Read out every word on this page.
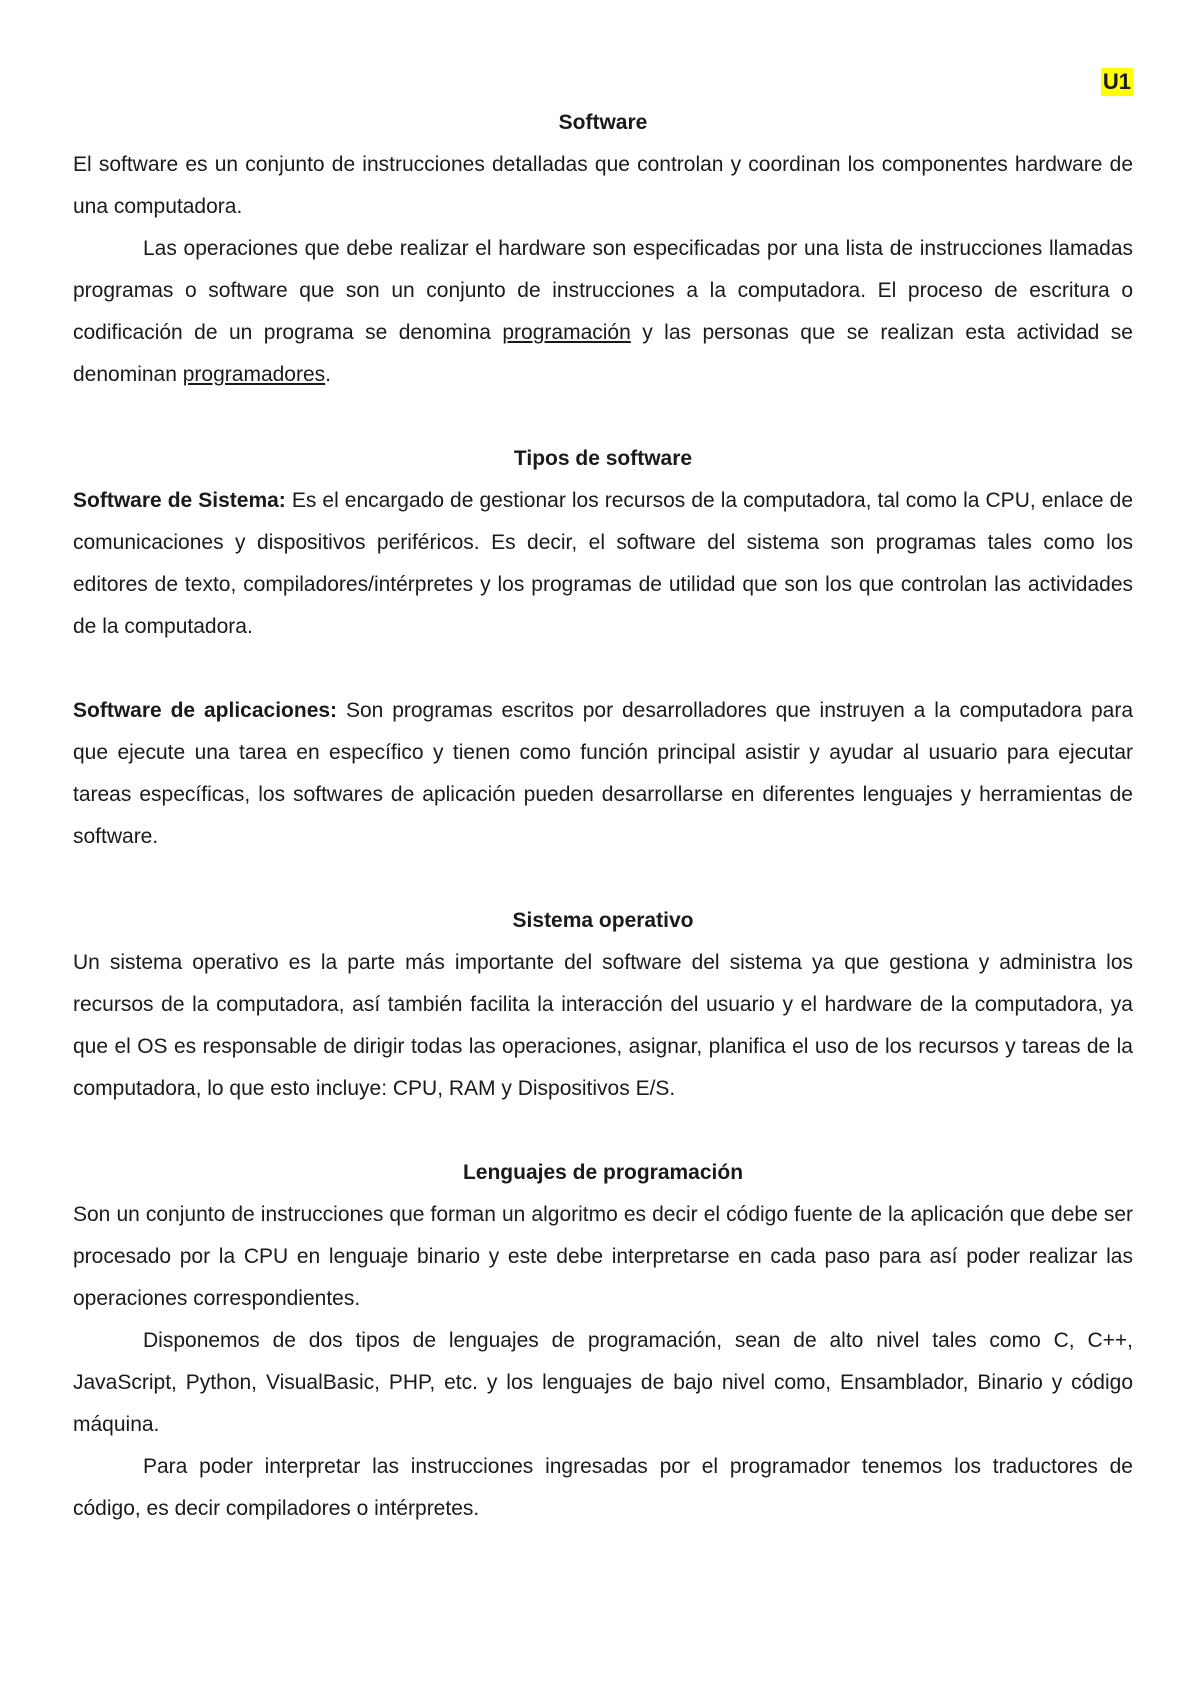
U1
Software

El software es un conjunto de instrucciones detalladas que controlan y coordinan los componentes hardware de una computadora.

Las operaciones que debe realizar el hardware son especificadas por una lista de instrucciones llamadas programas o software que son un conjunto de instrucciones a la computadora. El proceso de escritura o codificación de un programa se denomina programación y las personas que se realizan esta actividad se denominan programadores.

Tipos de software

Software de Sistema: Es el encargado de gestionar los recursos de la computadora, tal como la CPU, enlace de comunicaciones y dispositivos periféricos. Es decir, el software del sistema son programas tales como los editores de texto, compiladores/intérpretes y los programas de utilidad que son los que controlan las actividades de la computadora.

Software de aplicaciones: Son programas escritos por desarrolladores que instruyen a la computadora para que ejecute una tarea en específico y tienen como función principal asistir y ayudar al usuario para ejecutar tareas específicas, los softwares de aplicación pueden desarrollarse en diferentes lenguajes y herramientas de software.

Sistema operativo

Un sistema operativo es la parte más importante del software del sistema ya que gestiona y administra los recursos de la computadora, así también facilita la interacción del usuario y el hardware de la computadora, ya que el OS es responsable de dirigir todas las operaciones, asignar, planifica el uso de los recursos y tareas de la computadora, lo que esto incluye: CPU, RAM y Dispositivos E/S.

Lenguajes de programación

Son un conjunto de instrucciones que forman un algoritmo es decir el código fuente de la aplicación que debe ser procesado por la CPU en lenguaje binario y este debe interpretarse en cada paso para así poder realizar las operaciones correspondientes.

Disponemos de dos tipos de lenguajes de programación, sean de alto nivel tales como C, C++, JavaScript, Python, VisualBasic, PHP, etc. y los lenguajes de bajo nivel como, Ensamblador, Binario y código máquina.

Para poder interpretar las instrucciones ingresadas por el programador tenemos los traductores de código, es decir compiladores o intérpretes.
